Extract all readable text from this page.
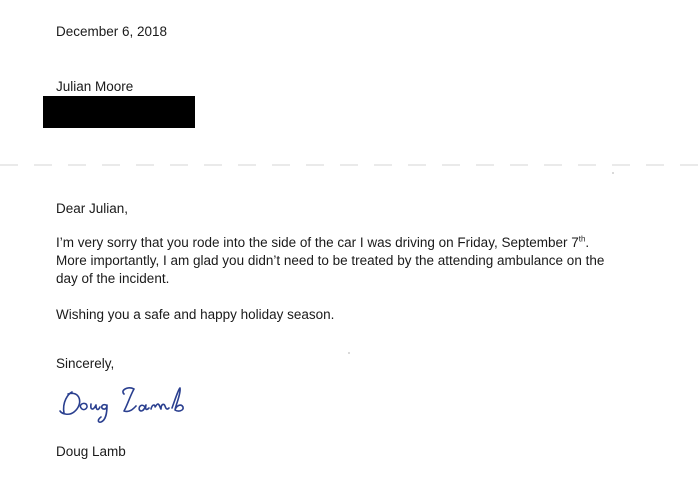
December 6, 2018
Julian Moore
Dear Julian,
I’m very sorry that you rode into the side of the car I was driving on Friday, September 7th.
More importantly, I am glad you didn’t need to be treated by the attending ambulance on the
day of the incident.
Wishing you a safe and happy holiday season.
Sincerely,
Doug Lamb
